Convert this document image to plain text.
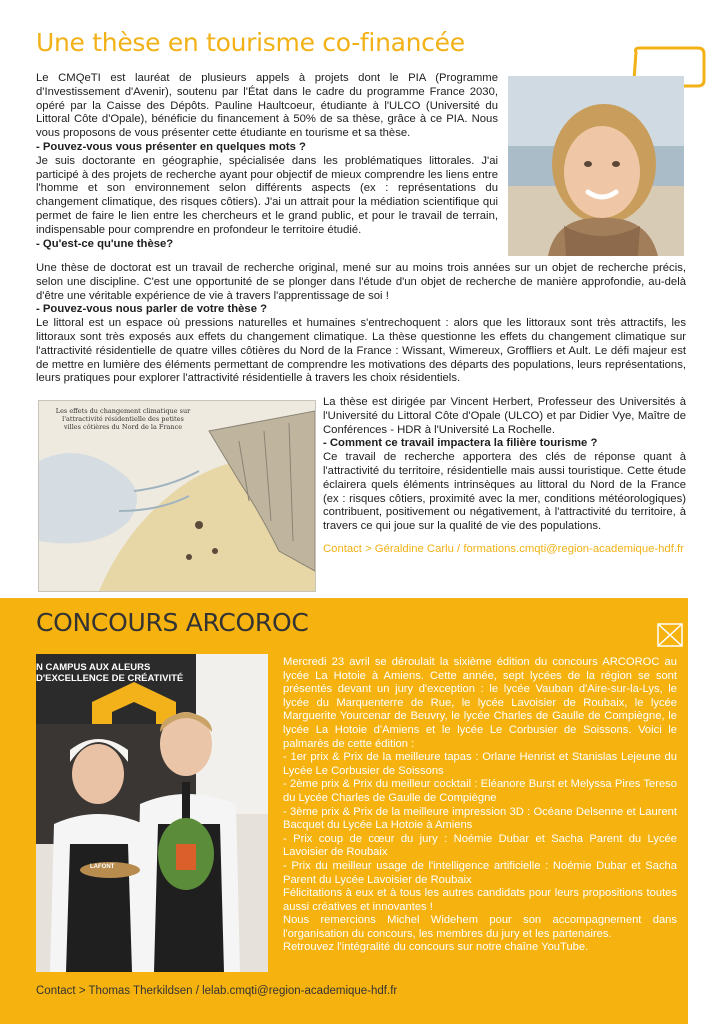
Une thèse en tourisme co-financée

Le CMQeTI est lauréat de plusieurs appels à projets dont le PIA (Programme d'Investissement d'Avenir), soutenu par l'État dans le cadre du programme France 2030, opéré par la Caisse des Dépôts. Pauline Haultcoeur, étudiante à l'ULCO (Université du Littoral Côte d'Opale), bénéficie du financement à 50% de sa thèse, grâce à ce PIA. Nous vous proposons de vous présenter cette étudiante en tourisme et sa thèse.

- Pouvez-vous vous présenter en quelques mots ?

Je suis doctorante en géographie, spécialisée dans les problématiques littorales. J'ai participé à des projets de recherche ayant pour objectif de mieux comprendre les liens entre l'homme et son environnement selon différents aspects (ex : représentations du changement climatique, des risques côtiers). J'ai un attrait pour la médiation scientifique qui permet de faire le lien entre les chercheurs et le grand public, et pour le travail de terrain, indispensable pour comprendre en profondeur le territoire étudié.

- Qu'est-ce qu'une thèse?

Une thèse de doctorat est un travail de recherche original, mené sur au moins trois années sur un objet de recherche précis, selon une discipline. C'est une opportunité de se plonger dans l'étude d'un objet de recherche de manière approfondie, au-delà d'être une véritable expérience de vie à travers l'apprentissage de soi !

- Pouvez-vous nous parler de votre thèse ?

Le littoral est un espace où pressions naturelles et humaines s'entrechoquent : alors que les littoraux sont très attractifs, les littoraux sont très exposés aux effets du changement climatique. La thèse questionne les effets du changement climatique sur l'attractivité résidentielle de quatre villes côtières du Nord de la France : Wissant, Wimereux, Groffliers et Ault. Le défi majeur est de mettre en lumière des éléments permettant de comprendre les motivations des départs des populations, leurs représentations, leurs pratiques pour explorer l'attractivité résidentielle à travers les choix résidentiels.

Les effets du changement climatique sur l'attractivité résidentielle des petites villes côtières du Nord de la France

La thèse est dirigée par Vincent Herbert, Professeur des Universités à l'Université du Littoral Côte d'Opale (ULCO) et par Didier Vye, Maître de Conférences - HDR à l'Université La Rochelle.

- Comment ce travail impactera la filière tourisme ?

Ce travail de recherche apportera des clés de réponse quant à l'attractivité du territoire, résidentielle mais aussi touristique. Cette étude éclairera quels éléments intrinsèques au littoral du Nord de la France (ex : risques côtiers, proximité avec la mer, conditions météorologiques) contribuent, positivement ou négativement, à l'attractivité du territoire, à travers ce qui joue sur la qualité de vie des populations.

Contact > Géraldine Carlu / formations.cmqti@region-academique-hdf.fr

CONCOURS ARCOROC
N CAMPUS AUX ALEURS D'EXCELLENCE DE CRÉATIVITÉ
LAFONT

Mercredi 23 avril se déroulait la sixième édition du concours ARCOROC au lycée La Hotoie à Amiens. Cette année, sept lycées de la région se sont présentés devant un jury d'exception : le lycée Vauban d'Aire-sur-la-Lys, le lycée du Marquenterre de Rue, le lycée Lavoisier de Roubaix, le lycée Marguerite Yourcenar de Beuvry, le lycée Charles de Gaulle de Compiègne, le lycée La Hotoie d'Amiens et le lycée Le Corbusier de Soissons. Voici le palmarès de cette édition :

- 1er prix & Prix de la meilleure tapas : Orlane Henrist et Stanislas Lejeune du Lycée Le Corbusier de Soissons

- 2ème prix & Prix du meilleur cocktail : Eléanore Burst et Melyssa Pires Tereso du Lycée Charles de Gaulle de Compiègne

- 3ème prix & Prix de la meilleure impression 3D : Océane Delsenne et Laurent Bacquet du Lycée La Hotoie à Amiens

- Prix coup de cœur du jury : Noémie Dubar et Sacha Parent du Lycée Lavoisier de Roubaix

- Prix du meilleur usage de l'intelligence artificielle : Noémie Dubar et Sacha Parent du Lycée Lavoisier de Roubaix

Félicitations à eux et à tous les autres candidats pour leurs propositions toutes aussi créatives et innovantes !

Nous remercions Michel Widehem pour son accompagnement dans l'organisation du concours, les membres du jury et les partenaires.

Retrouvez l'intégralité du concours sur notre chaîne YouTube.

Contact > Thomas Therkildsen / lelab.cmqti@region-academique-hdf.fr
